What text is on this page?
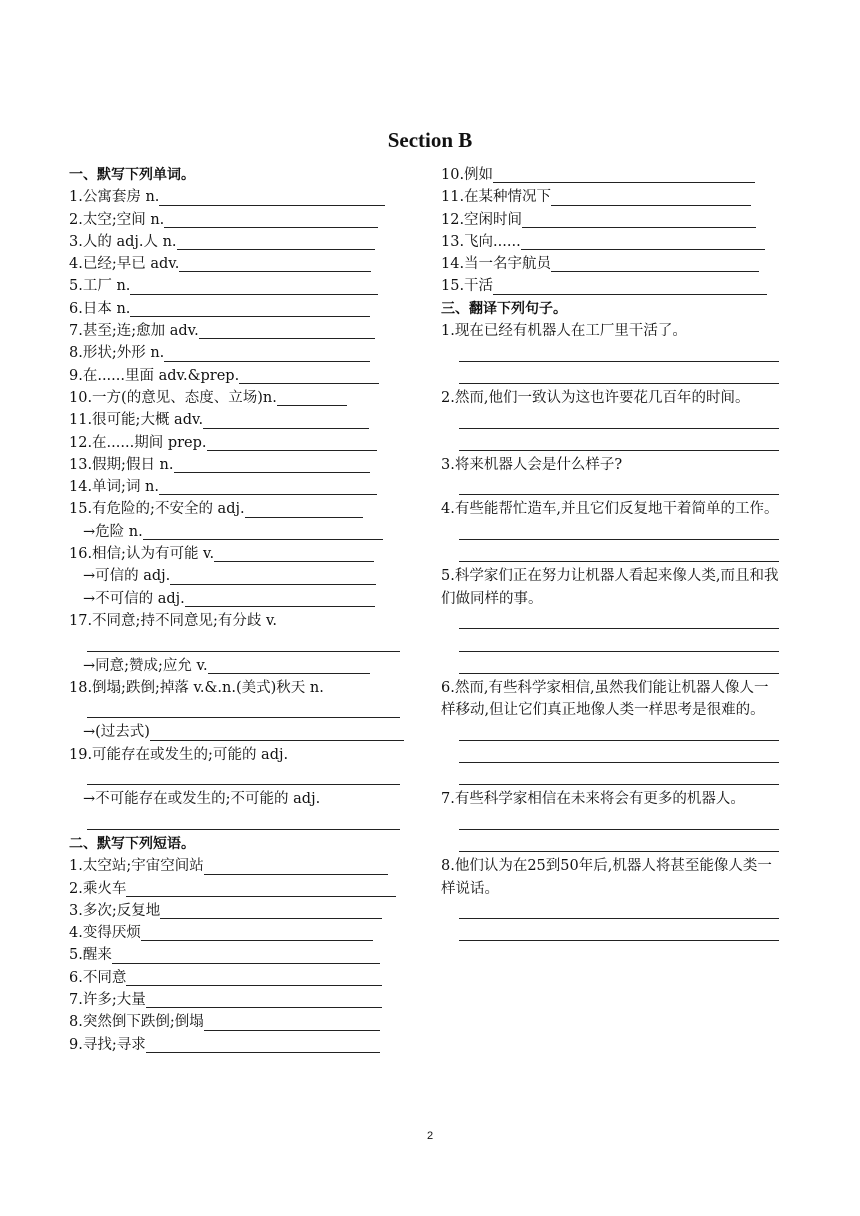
Section B
一、默写下列单词。
1.公寓套房 n.
2.太空;空间 n.
3.人的 adj.人 n.
4.已经;早已 adv.
5.工厂 n.
6.日本 n.
7.甚至;连;愈加 adv.
8.形状;外形 n.
9.在......里面 adv.&prep.
10.一方(的意见、态度、立场)n.
11.很可能;大概 adv.
12.在......期间 prep.
13.假期;假日 n.
14.单词;词 n.
15.有危险的;不安全的 adj.
→危险 n.
16.相信;认为有可能 v.
→可信的 adj.
→不可信的 adj.
17.不同意;持不同意见;有分歧 v.
→同意;赞成;应允 v.
18.倒塌;跌倒;掉落 v.&.n.(美式)秋天 n.
→(过去式)
19.可能存在或发生的;可能的 adj.
→不可能存在或发生的;不可能的 adj.
二、默写下列短语。
1.太空站;宇宙空间站
2.乘火车
3.多次;反复地
4.变得厌烦
5.醒来
6.不同意
7.许多;大量
8.突然倒下跌倒;倒塌
9.寻找;寻求
10.例如
11.在某种情况下
12.空闲时间
13.飞向......
14.当一名宇航员
15.干活
三、翻译下列句子。
1.现在已经有机器人在工厂里干活了。
2.然而,他们一致认为这也许要花几百年的时间。
3.将来机器人会是什么样子?
4.有些能帮忙造车,并且它们反复地干着简单的工作。
5.科学家们正在努力让机器人看起来像人类,而且和我们做同样的事。
6.然而,有些科学家相信,虽然我们能让机器人像人一样移动,但让它们真正地像人类一样思考是很难的。
7.有些科学家相信在未来将会有更多的机器人。
8.他们认为在25到50年后,机器人将甚至能像人类一样说话。
2
